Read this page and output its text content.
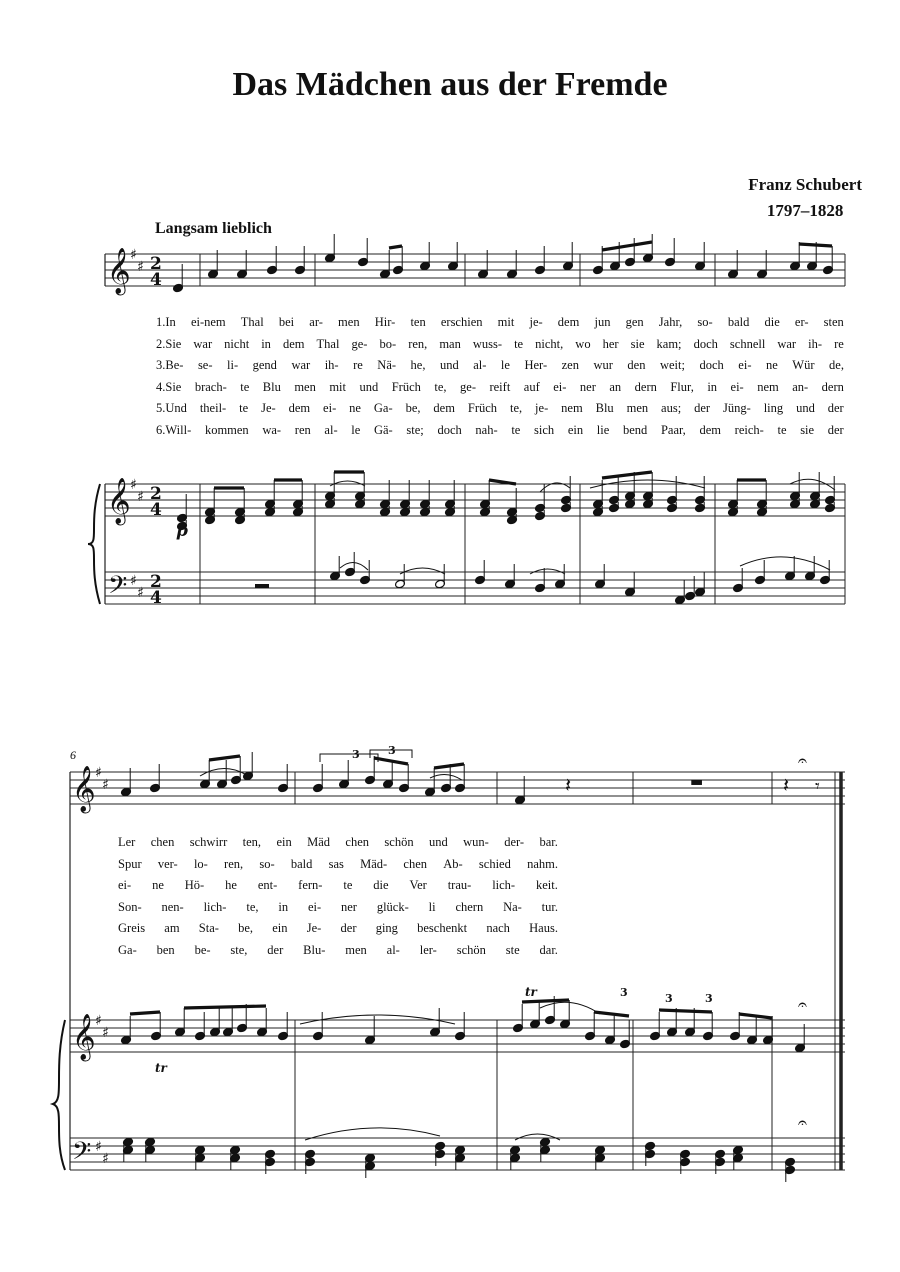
Das Mädchen aus der Fremde
Franz Schubert
1797–1828
Langsam lieblich
6
1.In ei-nem Thal bei ar- men Hir- ten erschien mit je- dem jun gen Jahr, so- bald die er- sten
2.Sie war nicht in dem Thal ge- bo- ren, man wuss- te nicht, wo her sie kam; doch schnell war ih- re
3.Be- se- li- gend war ih- re Nä- he, und al- le Her- zen wur den weit; doch ei- ne Wür de,
4.Sie brach- te Blu men mit und Früch te, ge- reift auf ei- ner an dern Flur, in ei- nem an- dern
5.Und theil- te Je- dem ei- ne Ga- be, dem Früch te, je- nem Blu men aus; der Jüng- ling und der
6.Will- kommen wa- ren al- le Gä- ste; doch nah- te sich ein lie bend Paar, dem reich- te sie der
Ler chen schwirr ten, ein Mäd chen schön und wun- der- bar.
Spur ver- lo- ren, so- bald sas Mäd- chen Ab- schied nahm.
ei- ne Hö- he ent- fern- te die Ver trau- lich- keit.
Son- nen- lich- te, in ei- ner glück- li chern Na- tur.
Greis am Sta- be, ein Je- der ging beschenkt nach Haus.
Ga- ben be- ste, der Blu- men al- ler- schön ste dar.
𝄞
𝄞
𝄢
♯
♯
♯
♯
♯
♯
2
4
2
4
2
4
p
𝄞
𝄞
𝄢
♯
♯
♯
♯
♯
♯
𝄽	▬	𝄽 𝄾
𝄐
3	3
tr
tr	3	3	3	𝄐
𝄐
